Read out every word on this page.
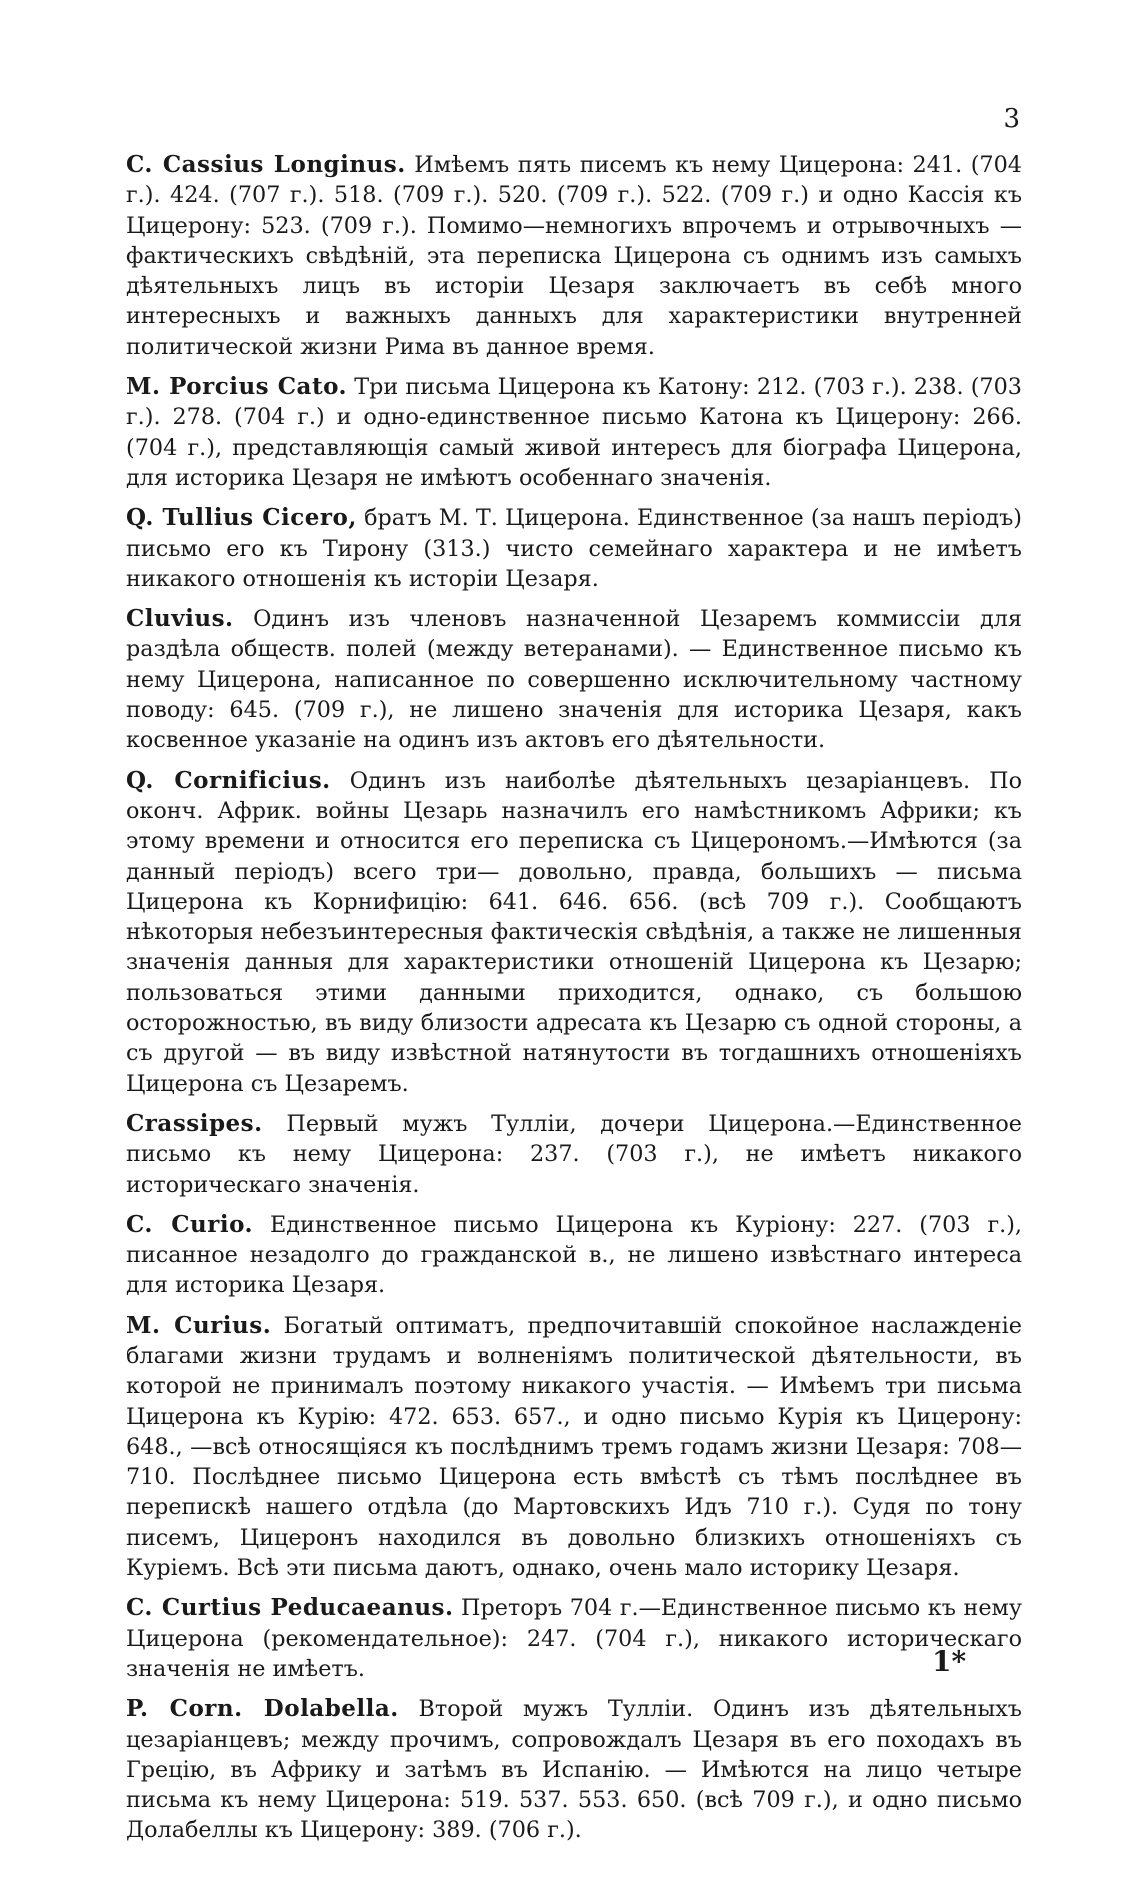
3

C. Cassius Longinus. Имѣемъ пять писемъ къ нему Цицерона: 241. (704 г.). 424. (707 г.). 518. (709 г.). 520. (709 г.). 522. (709 г.) и одно Кассія къ Цицерону: 523. (709 г.). Помимо—немногихъ впрочемъ и отрывочныхъ — фактическихъ свѣдѣній, эта переписка Цицерона съ однимъ изъ самыхъ дѣятельныхъ лицъ въ исторіи Цезаря заключаетъ въ себѣ много интересныхъ и важныхъ данныхъ для характеристики внутренней политической жизни Рима въ данное время.

M. Porcius Cato. Три письма Цицерона къ Катону: 212. (703 г.). 238. (703 г.). 278. (704 г.) и одно-единственное письмо Катона къ Цицерону: 266. (704 г.), представляющія самый живой интересъ для біографа Цицерона, для историка Цезаря не имѣютъ особеннаго значенія.

Q. Tullius Cicero, братъ М. Т. Цицерона. Единственное (за нашъ періодъ) письмо его къ Тирону (313.) чисто семейнаго характера и не имѣетъ никакого отношенія къ исторіи Цезаря.

Cluvius. Одинъ изъ членовъ назначенной Цезаремъ коммиссіи для раздѣла обществ. полей (между ветеранами). — Единственное письмо къ нему Цицерона, написанное по совершенно исключительному частному поводу: 645. (709 г.), не лишено значенія для историка Цезаря, какъ косвенное указаніе на одинъ изъ актовъ его дѣятельности.

Q. Cornificius. Одинъ изъ наиболѣе дѣятельныхъ цезаріанцевъ. По оконч. Африк. войны Цезарь назначилъ его намѣстникомъ Африки; къ этому времени и относится его переписка съ Цицерономъ.—Имѣются (за данный періодъ) всего три— довольно, правда, большихъ — письма Цицерона къ Корнифицію: 641. 646. 656. (всѣ 709 г.). Сообщаютъ нѣкоторыя небезъинтересныя фактическія свѣдѣнія, а также не лишенныя значенія данныя для характеристики отношеній Цицерона къ Цезарю; пользоваться этими данными приходится, однако, съ большою осторожностью, въ виду близости адресата къ Цезарю съ одной стороны, а съ другой — въ виду извѣстной натянутости въ тогдашнихъ отношеніяхъ Цицерона съ Цезаремъ.

Crassipes. Первый мужъ Тулліи, дочери Цицерона.—Единственное письмо къ нему Цицерона: 237. (703 г.), не имѣетъ никакого историческаго значенія.

C. Curio. Единственное письмо Цицерона къ Куріону: 227. (703 г.), писанное незадолго до гражданской в., не лишено извѣстнаго интереса для историка Цезаря.

M. Curius. Богатый оптиматъ, предпочитавшій спокойное наслажденіе благами жизни трудамъ и волненіямъ политической дѣятельности, въ которой не принималъ поэтому никакого участія. — Имѣемъ три письма Цицерона къ Курію: 472. 653. 657., и одно письмо Курія къ Цицерону: 648., —всѣ относящіяся къ послѣднимъ тремъ годамъ жизни Цезаря: 708—710. Послѣднее письмо Цицерона есть вмѣстѣ съ тѣмъ послѣднее въ перепискѣ нашего отдѣла (до Мартовскихъ Идъ 710 г.). Судя по тону писемъ, Цицеронъ находился въ довольно близкихъ отношеніяхъ съ Куріемъ. Всѣ эти письма даютъ, однако, очень мало историку Цезаря.

C. Curtius Peducaeanus. Преторъ 704 г.—Единственное письмо къ нему Цицерона (рекомендательное): 247. (704 г.), никакого историческаго значенія не имѣетъ.

P. Corn. Dolabella. Второй мужъ Тулліи. Одинъ изъ дѣятельныхъ цезаріанцевъ; между прочимъ, сопровождалъ Цезаря въ его походахъ въ Грецію, въ Африку и затѣмъ въ Испанію. — Имѣются на лицо четыре письма къ нему Цицерона: 519. 537. 553. 650. (всѣ 709 г.), и одно письмо Долабеллы къ Цицерону: 389. (706 г.).

1*
